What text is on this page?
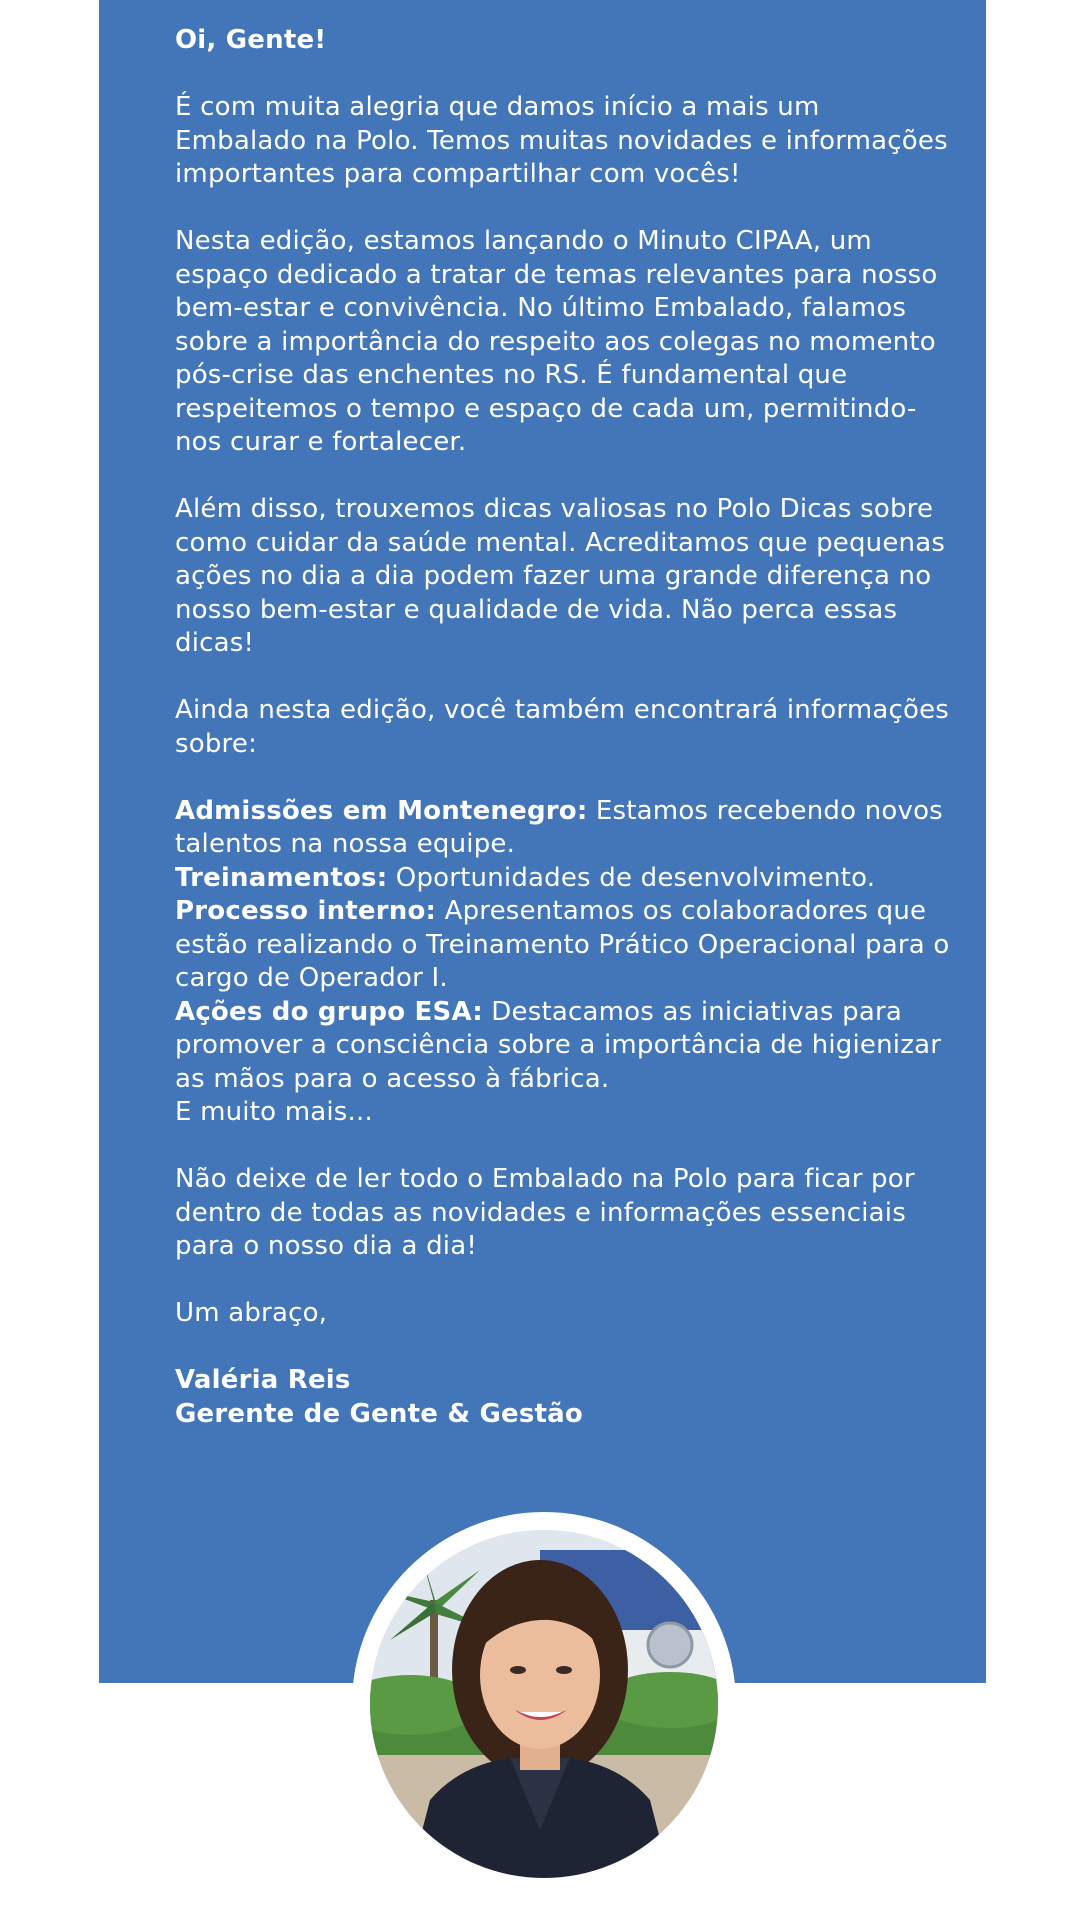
Oi, Gente!

É com muita alegria que damos início a mais um Embalado na Polo. Temos muitas novidades e informações importantes para compartilhar com vocês!

Nesta edição, estamos lançando o Minuto CIPAA, um espaço dedicado a tratar de temas relevantes para nosso bem-estar e convivência. No último Embalado, falamos sobre a importância do respeito aos colegas no momento pós-crise das enchentes no RS. É fundamental que respeitemos o tempo e espaço de cada um, permitindo-nos curar e fortalecer.

Além disso, trouxemos dicas valiosas no Polo Dicas sobre como cuidar da saúde mental. Acreditamos que pequenas ações no dia a dia podem fazer uma grande diferença no nosso bem-estar e qualidade de vida. Não perca essas dicas!

Ainda nesta edição, você também encontrará informações sobre:

Admissões em Montenegro: Estamos recebendo novos talentos na nossa equipe.

Treinamentos: Oportunidades de desenvolvimento.

Processo interno: Apresentamos os colaboradores que estão realizando o Treinamento Prático Operacional para o cargo de Operador I.

Ações do grupo ESA: Destacamos as iniciativas para promover a consciência sobre a importância de higienizar as mãos para o acesso à fábrica.

E muito mais...

Não deixe de ler todo o Embalado na Polo para ficar por dentro de todas as novidades e informações essenciais para o nosso dia a dia!

Um abraço,

Valéria Reis
Gerente de Gente & Gestão
